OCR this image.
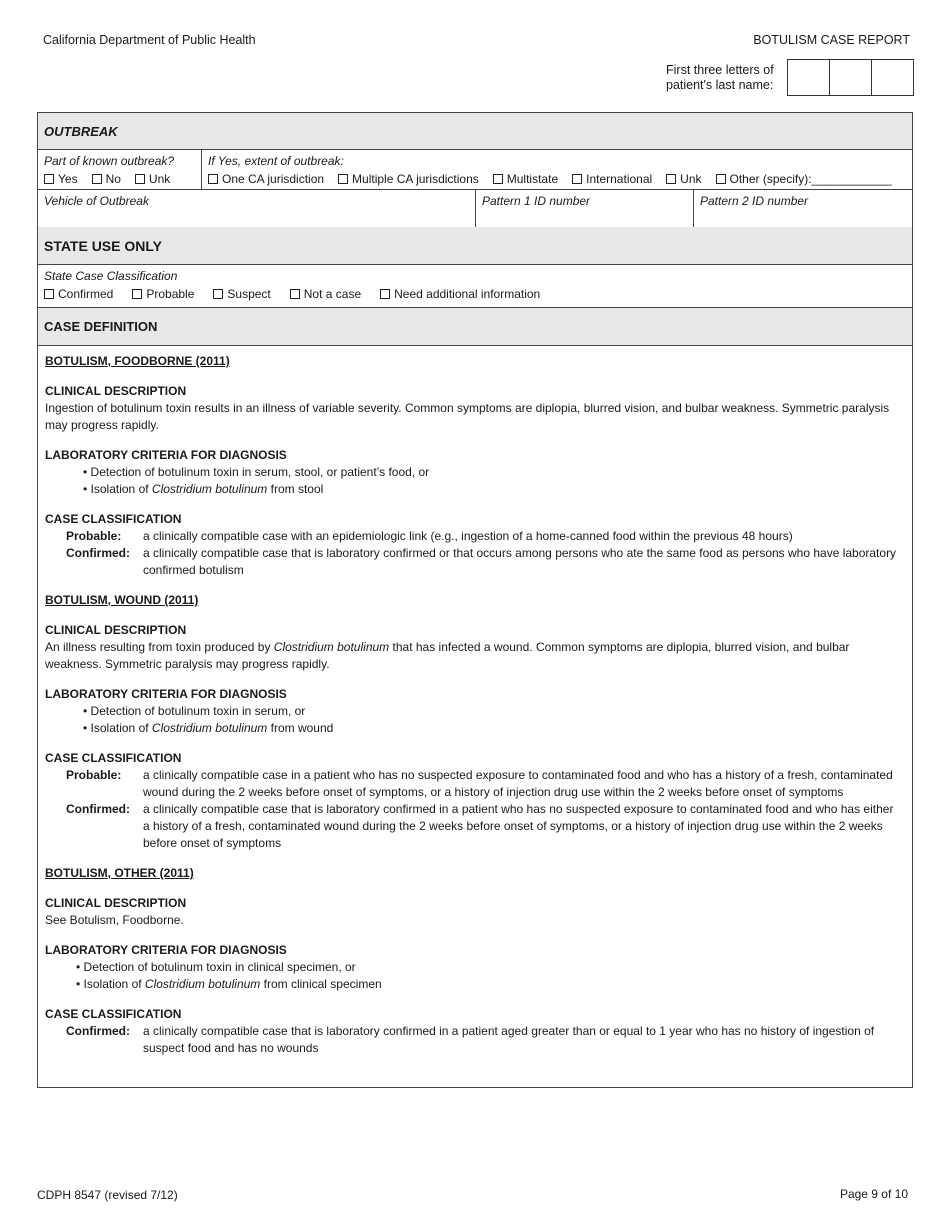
California Department of Public Health	BOTULISM CASE REPORT
First three letters of
patient's last name:
OUTBREAK
Part of known outbreak?
Yes No Unk
If Yes, extent of outbreak:
One CA jurisdiction Multiple CA jurisdictions Multistate International Unk Other (specify):____________
Vehicle of Outbreak	Pattern 1 ID number	Pattern 2 ID number
STATE USE ONLY
State Case Classification
Confirmed	Probable	Suspect	Not a case	Need additional information
CASE DEFINITION
BOTULISM, FOODBORNE (2011)
CLINICAL DESCRIPTION
Ingestion of botulinum toxin results in an illness of variable severity. Common symptoms are diplopia, blurred vision, and bulbar weakness. Symmetric paralysis may progress rapidly.
LABORATORY CRITERIA FOR DIAGNOSIS
• Detection of botulinum toxin in serum, stool, or patient’s food, or
• Isolation of Clostridium botulinum from stool
CASE CLASSIFICATION
Probable:	a clinically compatible case with an epidemiologic link (e.g., ingestion of a home-canned food within the previous 48 hours)
Confirmed:	a clinically compatible case that is laboratory confirmed or that occurs among persons who ate the same food as persons who have laboratory confirmed botulism
BOTULISM, WOUND (2011)
CLINICAL DESCRIPTION
An illness resulting from toxin produced by Clostridium botulinum that has infected a wound. Common symptoms are diplopia, blurred vision, and bulbar weakness. Symmetric paralysis may progress rapidly.
LABORATORY CRITERIA FOR DIAGNOSIS
• Detection of botulinum toxin in serum, or
• Isolation of Clostridium botulinum from wound
CASE CLASSIFICATION
Probable:	a clinically compatible case in a patient who has no suspected exposure to contaminated food and who has a history of a fresh, contaminated wound during the 2 weeks before onset of symptoms, or a history of injection drug use within the 2 weeks before onset of symptoms
Confirmed:	a clinically compatible case that is laboratory confirmed in a patient who has no suspected exposure to contaminated food and who has either a history of a fresh, contaminated wound during the 2 weeks before onset of symptoms, or a history of injection drug use within the 2 weeks before onset of symptoms
BOTULISM, OTHER (2011)
CLINICAL DESCRIPTION
See Botulism, Foodborne.
LABORATORY CRITERIA FOR DIAGNOSIS
• Detection of botulinum toxin in clinical specimen, or
• Isolation of Clostridium botulinum from clinical specimen
CASE CLASSIFICATION
Confirmed:	a clinically compatible case that is laboratory confirmed in a patient aged greater than or equal to 1 year who has no history of ingestion of suspect food and has no wounds
CDPH 8547 (revised 7/12)	Page 9 of 10
